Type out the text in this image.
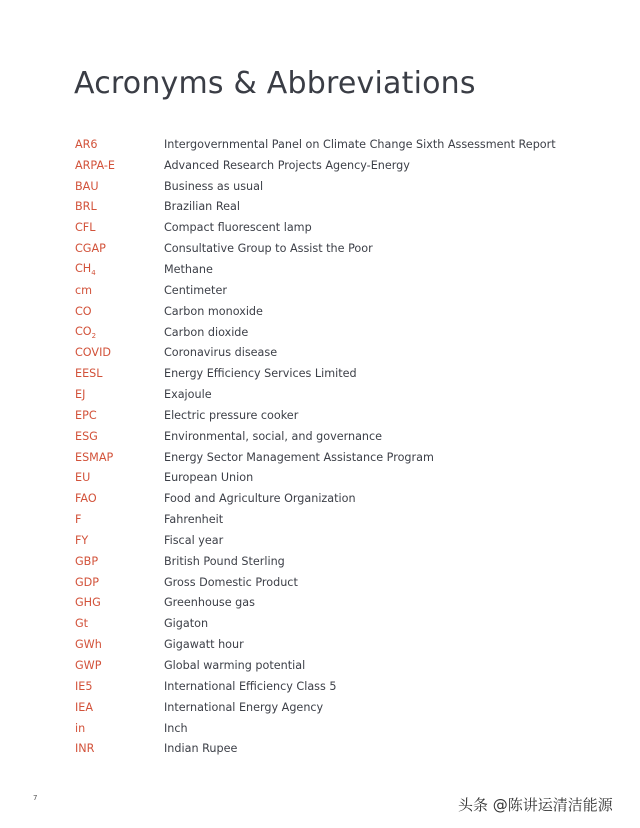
Acronyms & Abbreviations
AR6	Intergovernmental Panel on Climate Change Sixth Assessment Report
ARPA-E	Advanced Research Projects Agency-Energy
BAU	Business as usual
BRL	Brazilian Real
CFL	Compact fluorescent lamp
CGAP	Consultative Group to Assist the Poor
$CH_4$	Methane
cm	Centimeter
CO	Carbon monoxide
$CO_2$	Carbon dioxide
COVID	Coronavirus disease
EESL	Energy Efficiency Services Limited
EJ	Exajoule
EPC	Electric pressure cooker
ESG	Environmental, social, and governance
ESMAP	Energy Sector Management Assistance Program
EU	European Union
FAO	Food and Agriculture Organization
F	Fahrenheit
FY	Fiscal year
GBP	British Pound Sterling
GDP	Gross Domestic Product
GHG	Greenhouse gas
Gt	Gigaton
GWh	Gigawatt hour
GWP	Global warming potential
IE5	International Efficiency Class 5
IEA	International Energy Agency
in	Inch
INR	Indian Rupee
7	头条 @陈讲运清洁能源
